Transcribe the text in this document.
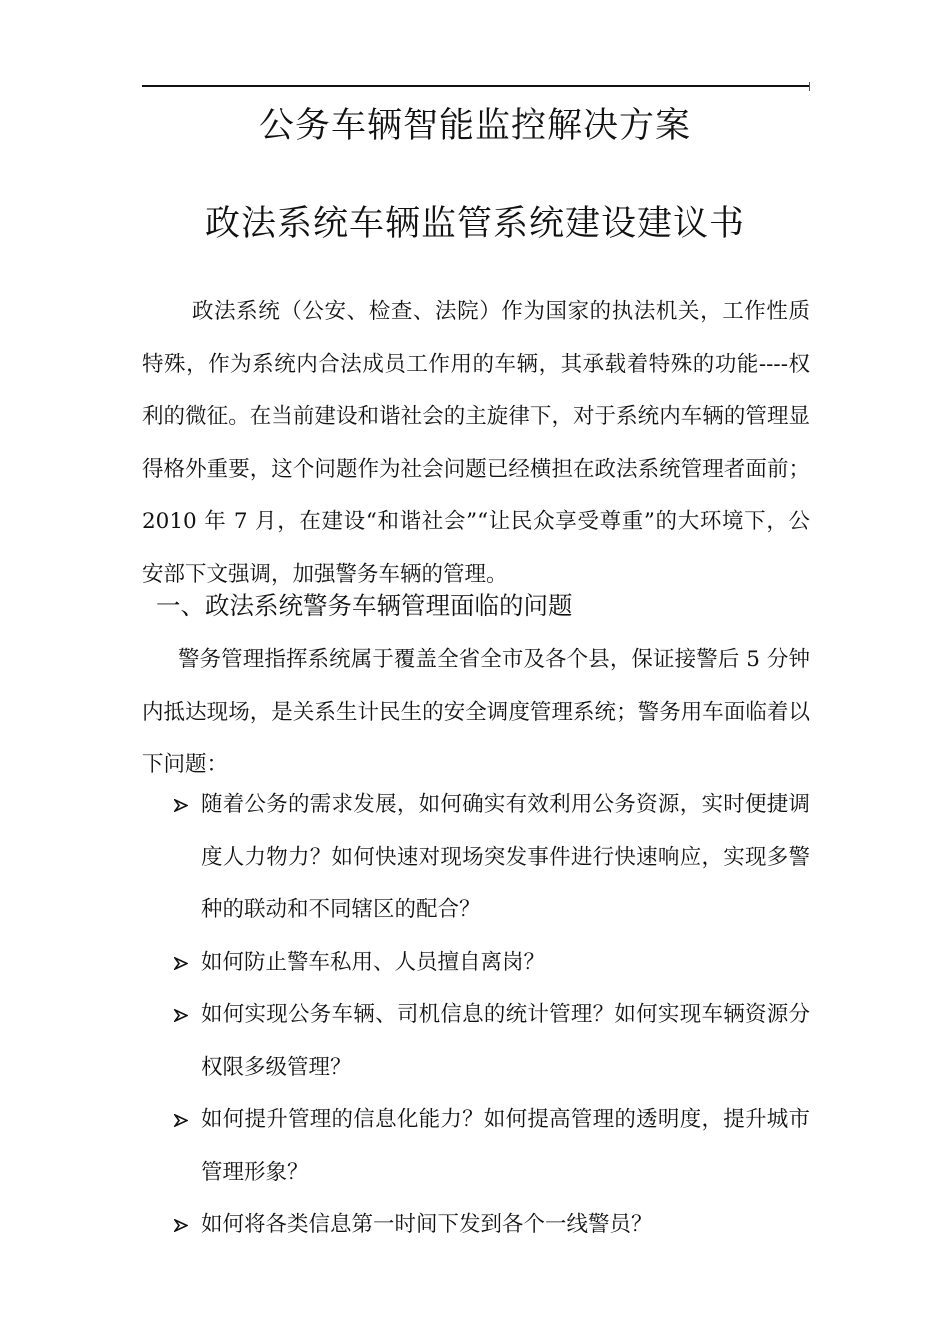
公务车辆智能监控解决方案
政法系统车辆监管系统建设建议书

政法系统（公安、检查、法院）作为国家的执法机关，工作性质特殊，作为系统内合法成员工作用的车辆，其承载着特殊的功能----权利的微征。在当前建设和谐社会的主旋律下，对于系统内车辆的管理显得格外重要，这个问题作为社会问题已经横担在政法系统管理者面前；2010 年 7 月，在建设“和谐社会”“让民众享受尊重”的大环境下，公安部下文强调，加强警务车辆的管理。

一、政法系统警务车辆管理面临的问题

警务管理指挥系统属于覆盖全省全市及各个县，保证接警后 5 分钟内抵达现场，是关系生计民生的安全调度管理系统；警务用车面临着以下问题：

随着公务的需求发展，如何确实有效利用公务资源，实时便捷调度人力物力？如何快速对现场突发事件进行快速响应，实现多警种的联动和不同辖区的配合？
如何防止警车私用、人员擅自离岗？
如何实现公务车辆、司机信息的统计管理？如何实现车辆资源分权限多级管理？
如何提升管理的信息化能力？如何提高管理的透明度，提升城市管理形象？
如何将各类信息第一时间下发到各个一线警员？
